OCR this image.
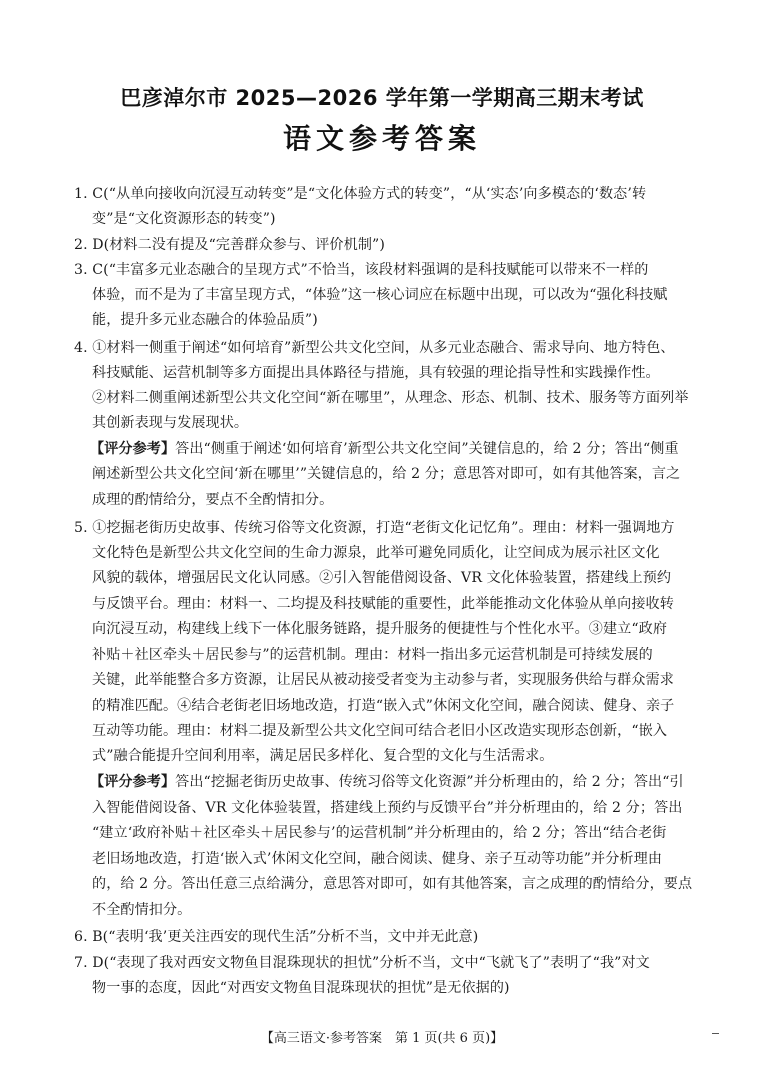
巴彦淖尔市 2025—2026 学年第一学期高三期末考试
语文参考答案
1. C(“从单向接收向沉浸互动转变”是“文化体验方式的转变”，“从‘实态’向多模态的‘数态’转
变”是“文化资源形态的转变”)
2. D(材料二没有提及“完善群众参与、评价机制”)
3. C(“丰富多元业态融合的呈现方式”不恰当，该段材料强调的是科技赋能可以带来不一样的
体验，而不是为了丰富呈现方式，“体验”这一核心词应在标题中出现，可以改为“强化科技赋
能，提升多元业态融合的体验品质”)
4. ①材料一侧重于阐述“如何培育”新型公共文化空间，从多元业态融合、需求导向、地方特色、
科技赋能、运营机制等多方面提出具体路径与措施，具有较强的理论指导性和实践操作性。
②材料二侧重阐述新型公共文化空间“新在哪里”，从理念、形态、机制、技术、服务等方面列举
其创新表现与发展现状。
【评分参考】答出“侧重于阐述‘如何培育’新型公共文化空间”关键信息的，给 2 分；答出“侧重
阐述新型公共文化空间‘新在哪里’”关键信息的，给 2 分；意思答对即可，如有其他答案，言之
成理的酌情给分，要点不全酌情扣分。
5. ①挖掘老街历史故事、传统习俗等文化资源，打造“老街文化记忆角”。理由：材料一强调地方
文化特色是新型公共文化空间的生命力源泉，此举可避免同质化，让空间成为展示社区文化
风貌的载体，增强居民文化认同感。②引入智能借阅设备、VR 文化体验装置，搭建线上预约
与反馈平台。理由：材料一、二均提及科技赋能的重要性，此举能推动文化体验从单向接收转
向沉浸互动，构建线上线下一体化服务链路，提升服务的便捷性与个性化水平。③建立“政府
补贴＋社区牵头＋居民参与”的运营机制。理由：材料一指出多元运营机制是可持续发展的
关键，此举能整合多方资源，让居民从被动接受者变为主动参与者，实现服务供给与群众需求
的精准匹配。④结合老街老旧场地改造，打造“嵌入式”休闲文化空间，融合阅读、健身、亲子
互动等功能。理由：材料二提及新型公共文化空间可结合老旧小区改造实现形态创新，“嵌入
式”融合能提升空间利用率，满足居民多样化、复合型的文化与生活需求。
【评分参考】答出“挖掘老街历史故事、传统习俗等文化资源”并分析理由的，给 2 分；答出“引
入智能借阅设备、VR 文化体验装置，搭建线上预约与反馈平台”并分析理由的，给 2 分；答出
“建立‘政府补贴＋社区牵头＋居民参与’的运营机制”并分析理由的，给 2 分；答出“结合老街
老旧场地改造，打造‘嵌入式’休闲文化空间，融合阅读、健身、亲子互动等功能”并分析理由
的，给 2 分。答出任意三点给满分，意思答对即可，如有其他答案，言之成理的酌情给分，要点
不全酌情扣分。
6. B(“表明‘我’更关注西安的现代生活”分析不当，文中并无此意)
7. D(“表现了我对西安文物鱼目混珠现状的担忧”分析不当，文中“飞就飞了”表明了“我”对文
物一事的态度，因此“对西安文物鱼目混珠现状的担忧”是无依据的)
【高三语文·参考答案　第 1 页(共 6 页)】
